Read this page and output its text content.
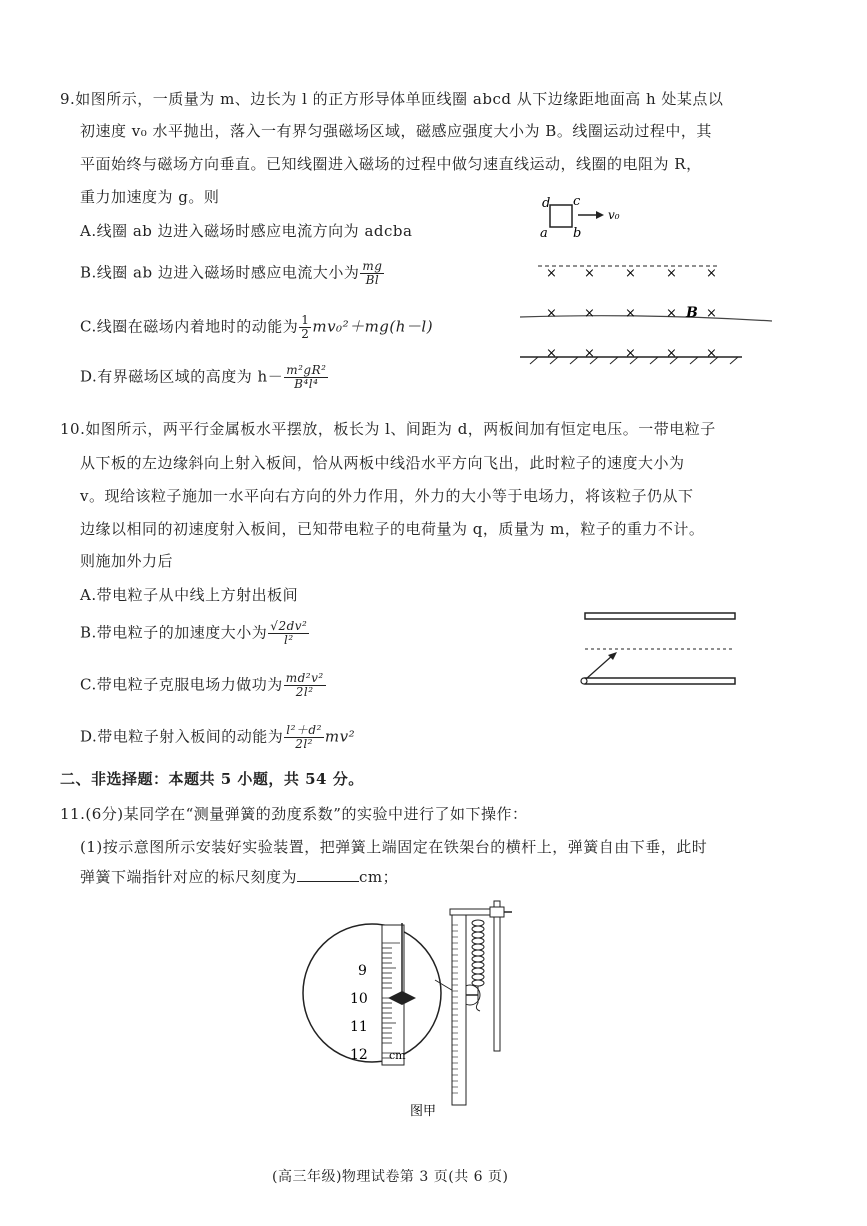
9.如图所示，一质量为 m、边长为 l 的正方形导体单匝线圈 abcd 从下边缘距地面高 h 处某点以
初速度 v₀ 水平抛出，落入一有界匀强磁场区域，磁感应强度大小为 B。线圈运动过程中，其
平面始终与磁场方向垂直。已知线圈进入磁场的过程中做匀速直线运动，线圈的电阻为 R，
重力加速度为 g。则
A.线圈 ab 边进入磁场时感应电流方向为 adcba
B.线圈 ab 边进入磁场时感应电流大小为 $\frac{mg}{Bl}$
C.线圈在磁场内着地时的动能为 $\frac{1}{2} mv_0^2+mg(h-l)$
D.有界磁场区域的高度为 $h- \frac{\text{m²gR²}}{\text{B⁴l⁴}}$
d c
a b
v₀
× × × × ×
× × × × ×
B
× × × × ×
10.如图所示，两平行金属板水平摆放，板长为 l、间距为 d，两板间加有恒定电压。一带电粒子
从下板的左边缘斜向上射入板间，恰从两板中线沿水平方向飞出，此时粒子的速度大小为
v。现给该粒子施加一水平向右方向的外力作用，外力的大小等于电场力，将该粒子仍从下
边缘以相同的初速度射入板间，已知带电粒子的电荷量为 q，质量为 m，粒子的重力不计。
则施加外力后
A.带电粒子从中线上方射出板间
B.带电粒子的加速度大小为 $\frac{\text{√2dv²}}{\text{l²}}$
C.带电粒子克服电场力做功为 $\frac{\text{md²v²}}{\text{2l²}}$
D.带电粒子射入板间的动能为 $\frac{\text{l²＋d²}}{\text{2l²}} mv^2$
二、非选择题：本题共 5 小题，共 54 分。
11.(6分)某同学在“测量弹簧的劲度系数”的实验中进行了如下操作：
(1)按示意图所示安装好实验装置，把弹簧上端固定在铁架台的横杆上，弹簧自由下垂，此时
弹簧下端指针对应的标尺刻度为	cm；
9
10
11
12 cm
图甲
(高三年级)物理试卷第 3 页(共 6 页)
